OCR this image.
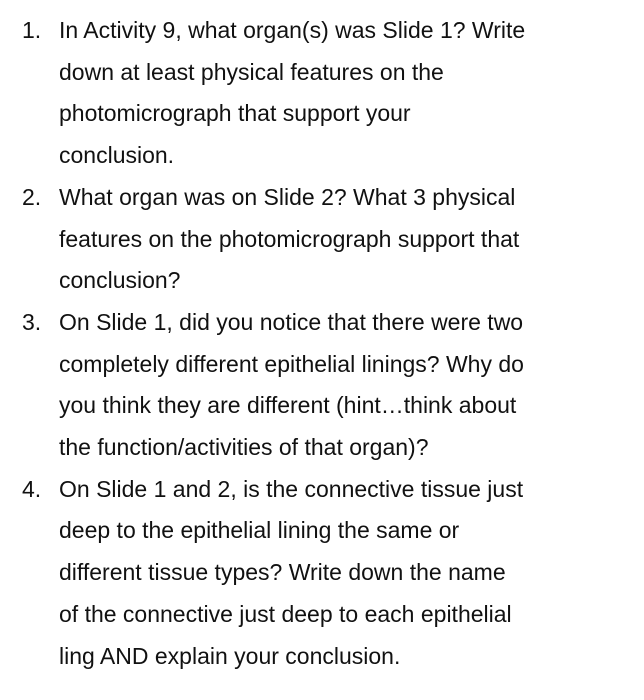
1. In Activity 9, what organ(s) was Slide 1? Write
down at least physical features on the
photomicrograph that support your
conclusion.
2. What organ was on Slide 2? What 3 physical
features on the photomicrograph support that
conclusion?
3. On Slide 1, did you notice that there were two
completely different epithelial linings? Why do
you think they are different (hint…think about
the function/activities of that organ)?
4. On Slide 1 and 2, is the connective tissue just
deep to the epithelial lining the same or
different tissue types? Write down the name
of the connective just deep to each epithelial
ling AND explain your conclusion.
